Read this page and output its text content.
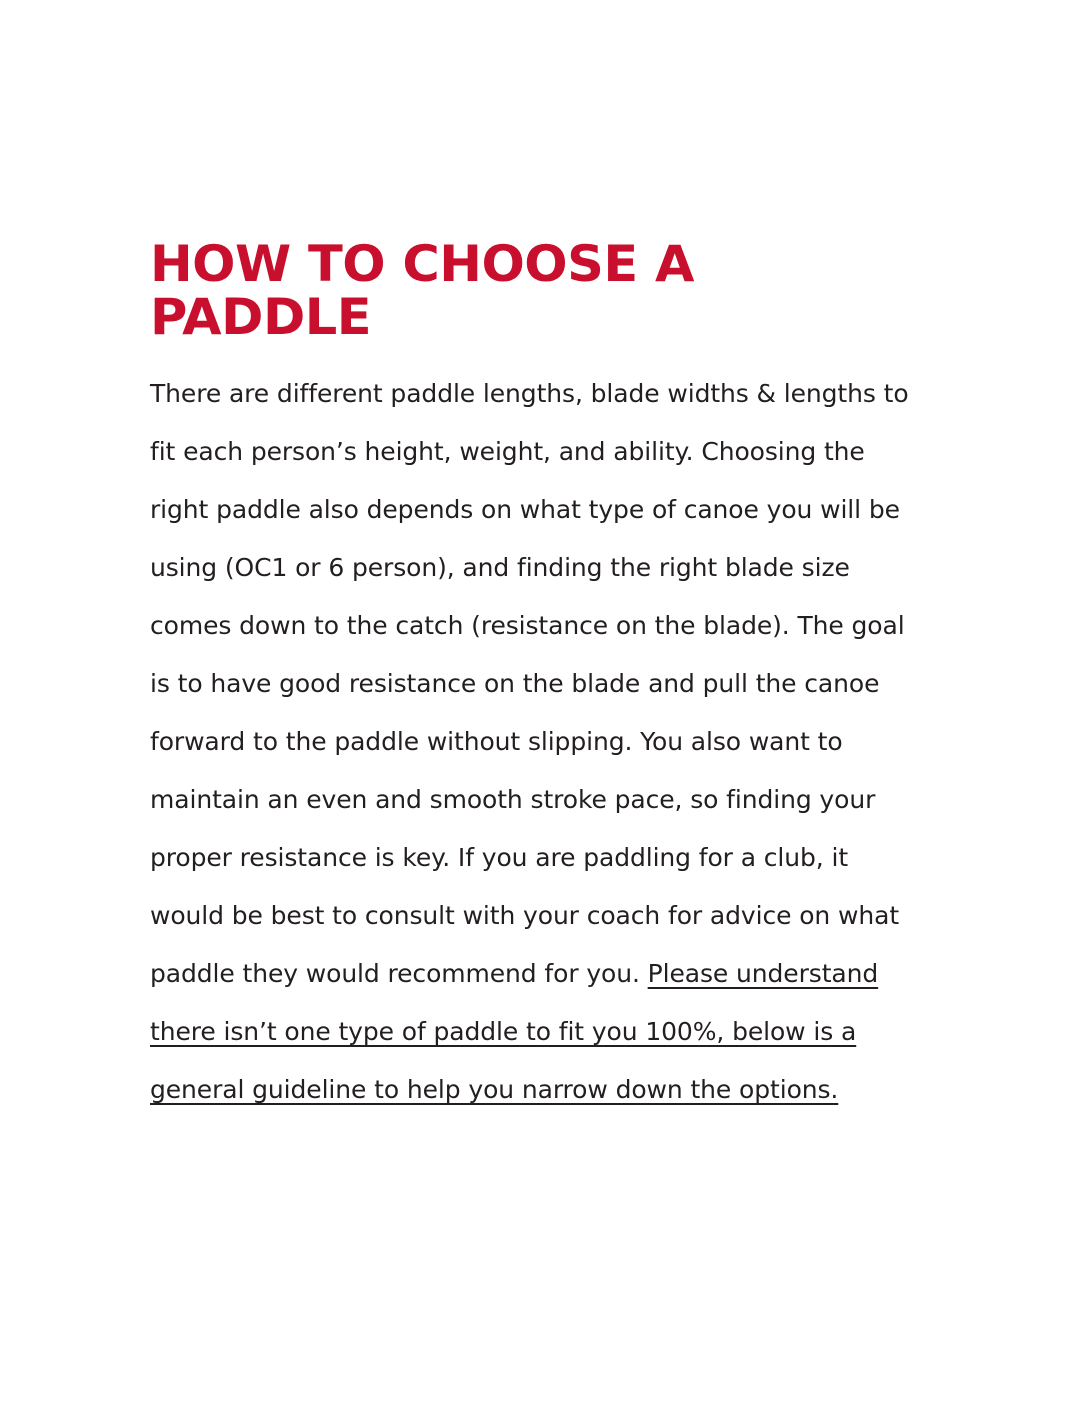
HOW TO CHOOSE A PADDLE

There are different paddle lengths, blade widths & lengths to fit each person’s height, weight, and ability. Choosing the right paddle also depends on what type of canoe you will be using (OC1 or 6 person), and finding the right blade size comes down to the catch (resistance on the blade). The goal is to have good resistance on the blade and pull the canoe forward to the paddle without slipping. You also want to maintain an even and smooth stroke pace, so finding your proper resistance is key. If you are paddling for a club, it would be best to consult with your coach for advice on what paddle they would recommend for you. Please understand there isn’t one type of paddle to fit you 100%, below is a general guideline to help you narrow down the options.
